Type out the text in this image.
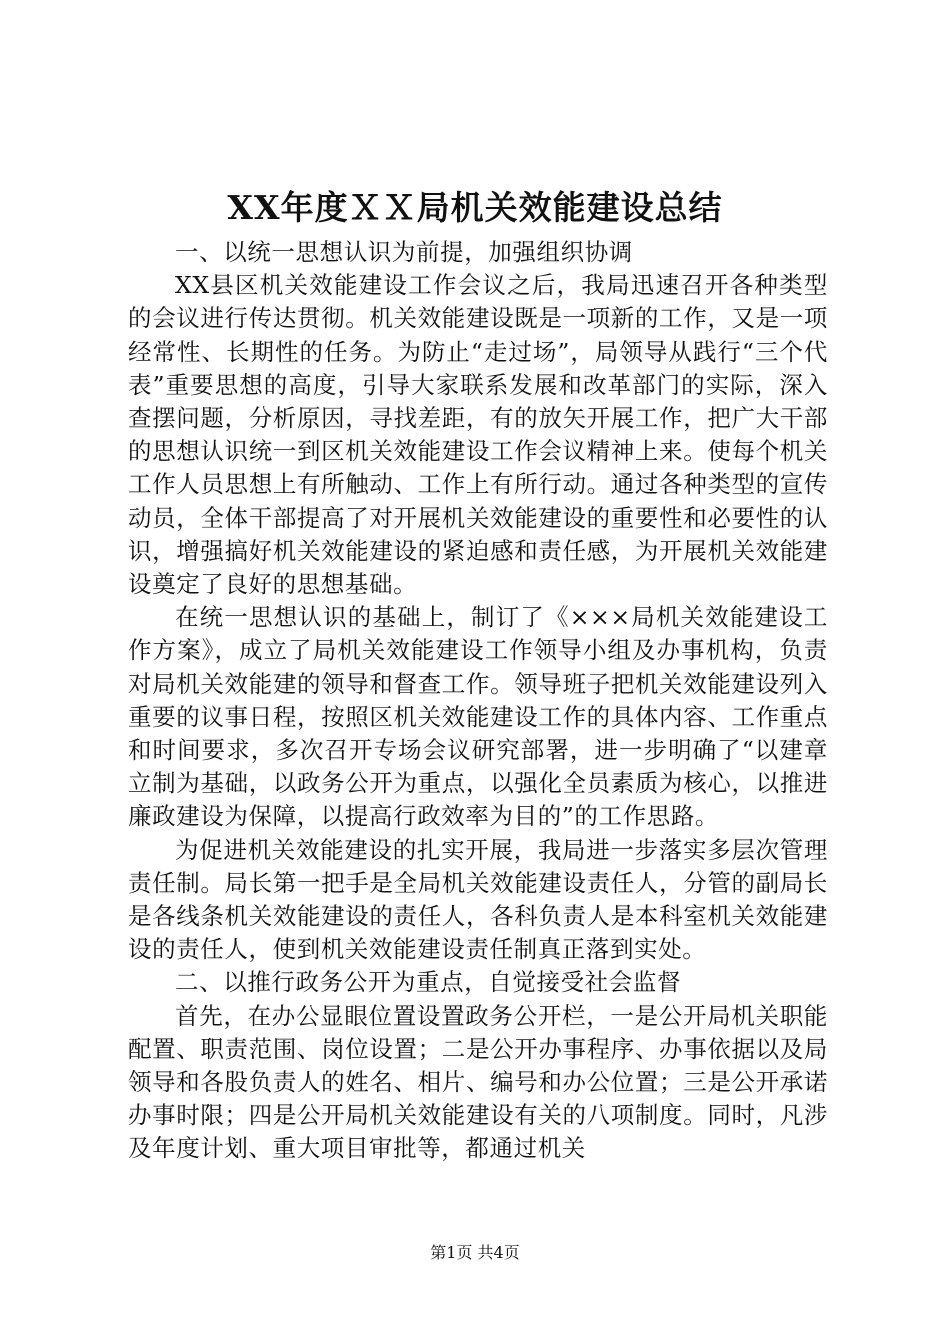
XX年度ＸＸ局机关效能建设总结

一、以统一思想认识为前提，加强组织协调

XX县区机关效能建设工作会议之后，我局迅速召开各种类型的会议进行传达贯彻。机关效能建设既是一项新的工作，又是一项经常性、长期性的任务。为防止“走过场”，局领导从践行“三个代表”重要思想的高度，引导大家联系发展和改革部门的实际，深入查摆问题，分析原因，寻找差距，有的放矢开展工作，把广大干部的思想认识统一到区机关效能建设工作会议精神上来。使每个机关工作人员思想上有所触动、工作上有所行动。通过各种类型的宣传动员，全体干部提高了对开展机关效能建设的重要性和必要性的认识，增强搞好机关效能建设的紧迫感和责任感，为开展机关效能建设奠定了良好的思想基础。

在统一思想认识的基础上，制订了《×××局机关效能建设工作方案》，成立了局机关效能建设工作领导小组及办事机构，负责对局机关效能建的领导和督查工作。领导班子把机关效能建设列入重要的议事日程，按照区机关效能建设工作的具体内容、工作重点和时间要求，多次召开专场会议研究部署，进一步明确了“以建章立制为基础，以政务公开为重点，以强化全员素质为核心，以推进廉政建设为保障，以提高行政效率为目的”的工作思路。

为促进机关效能建设的扎实开展，我局进一步落实多层次管理责任制。局长第一把手是全局机关效能建设责任人，分管的副局长是各线条机关效能建设的责任人，各科负责人是本科室机关效能建设的责任人，使到机关效能建设责任制真正落到实处。

二、以推行政务公开为重点，自觉接受社会监督

首先，在办公显眼位置设置政务公开栏，一是公开局机关职能配置、职责范围、岗位设置；二是公开办事程序、办事依据以及局领导和各股负责人的姓名、相片、编号和办公位置；三是公开承诺办事时限；四是公开局机关效能建设有关的八项制度。同时，凡涉及年度计划、重大项目审批等，都通过机关

第1页 共4页
